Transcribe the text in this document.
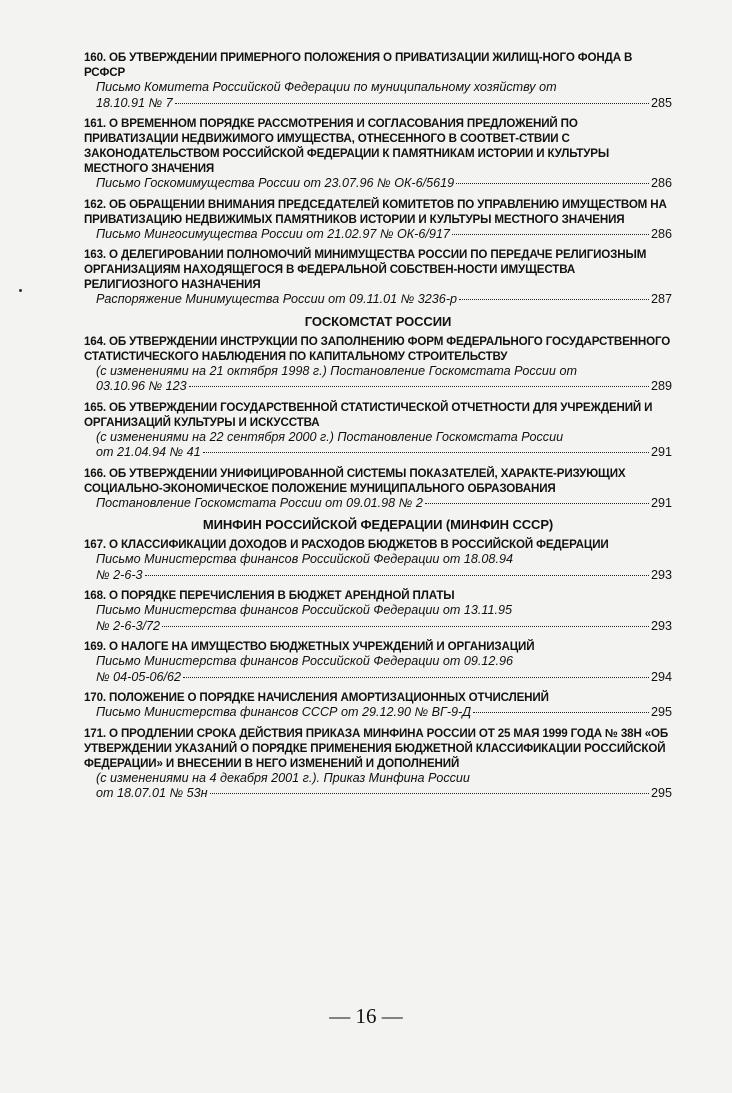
160. ОБ УТВЕРЖДЕНИИ ПРИМЕРНОГО ПОЛОЖЕНИЯ О ПРИВАТИЗАЦИИ ЖИЛИЩ-НОГО ФОНДА В РСФСР
Письмо Комитета Российской Федерации по муниципальному хозяйству от
18.10.91 № 7	285
161. О ВРЕМЕННОМ ПОРЯДКЕ РАССМОТРЕНИЯ И СОГЛАСОВАНИЯ ПРЕДЛОЖЕНИЙ ПО ПРИВАТИЗАЦИИ НЕДВИЖИМОГО ИМУЩЕСТВА, ОТНЕСЕННОГО В СООТВЕТ-СТВИИ С ЗАКОНОДАТЕЛЬСТВОМ РОССИЙСКОЙ ФЕДЕРАЦИИ К ПАМЯТНИКАМ ИСТОРИИ И КУЛЬТУРЫ МЕСТНОГО ЗНАЧЕНИЯ
Письмо Госкомимущества России от 23.07.96 № ОК-6/5619	286
162. ОБ ОБРАЩЕНИИ ВНИМАНИЯ ПРЕДСЕДАТЕЛЕЙ КОМИТЕТОВ ПО УПРАВЛЕНИЮ ИМУЩЕСТВОМ НА ПРИВАТИЗАЦИЮ НЕДВИЖИМЫХ ПАМЯТНИКОВ ИСТОРИИ И КУЛЬТУРЫ МЕСТНОГО ЗНАЧЕНИЯ
Письмо Мингосимущества России от 21.02.97 № ОК-6/917	286
163. О ДЕЛЕГИРОВАНИИ ПОЛНОМОЧИЙ МИНИМУЩЕСТВА РОССИИ ПО ПЕРЕДАЧЕ РЕЛИГИОЗНЫМ ОРГАНИЗАЦИЯМ НАХОДЯЩЕГОСЯ В ФЕДЕРАЛЬНОЙ СОБСТВЕН-НОСТИ ИМУЩЕСТВА РЕЛИГИОЗНОГО НАЗНАЧЕНИЯ
Распоряжение Минимущества России от 09.11.01 № 3236-р	287
ГОСКОМСТАТ РОССИИ
164. ОБ УТВЕРЖДЕНИИ ИНСТРУКЦИИ ПО ЗАПОЛНЕНИЮ ФОРМ ФЕДЕРАЛЬНОГО ГОСУДАРСТВЕННОГО СТАТИСТИЧЕСКОГО НАБЛЮДЕНИЯ ПО КАПИТАЛЬНОМУ СТРОИТЕЛЬСТВУ
(с изменениями на 21 октября 1998 г.) Постановление Госкомстата России от
03.10.96 № 123	289
165. ОБ УТВЕРЖДЕНИИ ГОСУДАРСТВЕННОЙ СТАТИСТИЧЕСКОЙ ОТЧЕТНОСТИ ДЛЯ УЧРЕЖДЕНИЙ И ОРГАНИЗАЦИЙ КУЛЬТУРЫ И ИСКУССТВА
(с изменениями на 22 сентября 2000 г.) Постановление Госкомстата России
от 21.04.94 № 41	291
166. ОБ УТВЕРЖДЕНИИ УНИФИЦИРОВАННОЙ СИСТЕМЫ ПОКАЗАТЕЛЕЙ, ХАРАКТЕ-РИЗУЮЩИХ СОЦИАЛЬНО-ЭКОНОМИЧЕСКОЕ ПОЛОЖЕНИЕ МУНИЦИПАЛЬНОГО ОБРАЗОВАНИЯ
Постановление Госкомстата России от 09.01.98 № 2	291
МИНФИН РОССИЙСКОЙ ФЕДЕРАЦИИ (МИНФИН СССР)
167. О КЛАССИФИКАЦИИ ДОХОДОВ И РАСХОДОВ БЮДЖЕТОВ В РОССИЙСКОЙ ФЕДЕРАЦИИ
Письмо Министерства финансов Российской Федерации от 18.08.94
№ 2-6-3	293
168. О ПОРЯДКЕ ПЕРЕЧИСЛЕНИЯ В БЮДЖЕТ АРЕНДНОЙ ПЛАТЫ
Письмо Министерства финансов Российской Федерации от 13.11.95
№ 2-6-3/72	293
169. О НАЛОГЕ НА ИМУЩЕСТВО БЮДЖЕТНЫХ УЧРЕЖДЕНИЙ И ОРГАНИЗАЦИЙ
Письмо Министерства финансов Российской Федерации от 09.12.96
№ 04-05-06/62	294
170. ПОЛОЖЕНИЕ О ПОРЯДКЕ НАЧИСЛЕНИЯ АМОРТИЗАЦИОННЫХ ОТЧИСЛЕНИЙ
Письмо Министерства финансов СССР от 29.12.90 № ВГ-9-Д	295
171. О ПРОДЛЕНИИ СРОКА ДЕЙСТВИЯ ПРИКАЗА МИНФИНА РОССИИ ОТ 25 МАЯ 1999 ГОДА № 38Н «ОБ УТВЕРЖДЕНИИ УКАЗАНИЙ О ПОРЯДКЕ ПРИМЕНЕНИЯ БЮДЖЕТНОЙ КЛАССИФИКАЦИИ РОССИЙСКОЙ ФЕДЕРАЦИИ» И ВНЕСЕНИИ В НЕГО ИЗМЕНЕНИЙ И ДОПОЛНЕНИЙ
(с изменениями на 4 декабря 2001 г.). Приказ Минфина России
от 18.07.01 № 53н	295
— 16 —
